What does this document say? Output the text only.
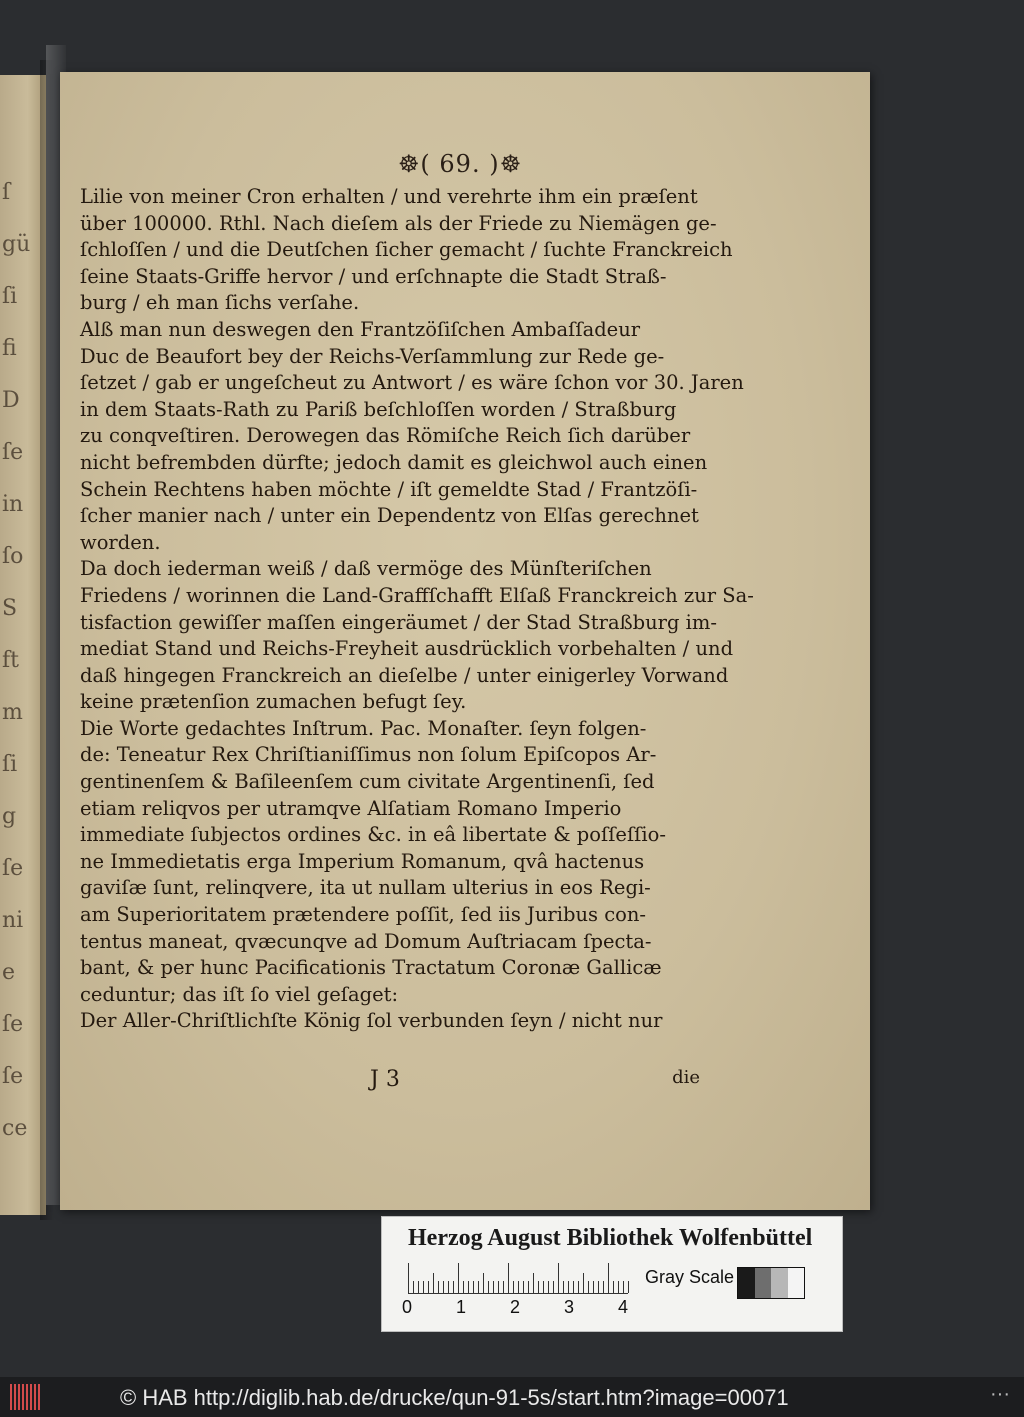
ſ
gü
ſi
fi
D
ſe
in
ſo
S
ft
m
ſi
g
ſe
ni
e
ſe
ſe
ce
☸( 69. )☸
Lilie von meiner Cron erhalten / und verehrte ihm ein præſent
über 100000. Rthl. Nach dieſem als der Friede zu Niemägen ge-
ſchloſſen / und die Deutſchen ſicher gemacht / ſuchte Franckreich
ſeine Staats-Griffe hervor / und erſchnapte die Stadt Straß-
burg / eh man ſichs verſahe.
Alß man nun deswegen den Frantzöſiſchen Ambaſſadeur
Duc de Beaufort bey der Reichs-Verſammlung zur Rede ge-
ſetzet / gab er ungeſcheut zu Antwort / es wäre ſchon vor 30. Jaren
in dem Staats-Rath zu Pariß beſchloſſen worden / Straßburg
zu conqveſtiren. Derowegen das Römiſche Reich ſich darüber
nicht befrembden dürfte; jedoch damit es gleichwol auch einen
Schein Rechtens haben möchte / iſt gemeldte Stad / Frantzöſi-
ſcher manier nach / unter ein Dependentz von Elſas gerechnet
worden.
Da doch iederman weiß / daß vermöge des Münſteriſchen
Friedens / worinnen die Land-Graffſchafft Elſaß Franckreich zur Sa-
tisfaction gewiſſer maſſen eingeräumet / der Stad Straßburg im-
mediat Stand und Reichs-Freyheit ausdrücklich vorbehalten / und
daß hingegen Franckreich an dieſelbe / unter einigerley Vorwand
keine prætenſion zumachen befugt ſey.
Die Worte gedachtes Inſtrum. Pac. Monaſter. ſeyn folgen-
de: Teneatur Rex Chriſtianiſſimus non ſolum Epiſcopos Ar-
gentinenſem & Baſileenſem cum civitate Argentinenſi, ſed
etiam reliqvos per utramqve Alſatiam Romano Imperio
immediate ſubjectos ordines &c. in eâ libertate & poſſeſſio-
ne Immedietatis erga Imperium Romanum, qvâ hactenus
gaviſæ ſunt, relinqvere, ita ut nullam ulterius in eos Regi-
am Superioritatem prætendere poſſit, ſed iis Juribus con-
tentus maneat, qvæcunqve ad Domum Auſtriacam ſpecta-
bant, & per hunc Pacificationis Tractatum Coronæ Gallicæ
ceduntur; das iſt ſo viel geſaget:
Der Aller-Chriſtlichſte König ſol verbunden ſeyn / nicht nur
J 3	die
Herzog August Bibliothek Wolfenbüttel
0 1 2 3 4
Gray Scale
© HAB http://diglib.hab.de/drucke/qun-91-5s/start.htm?image=00071	···
